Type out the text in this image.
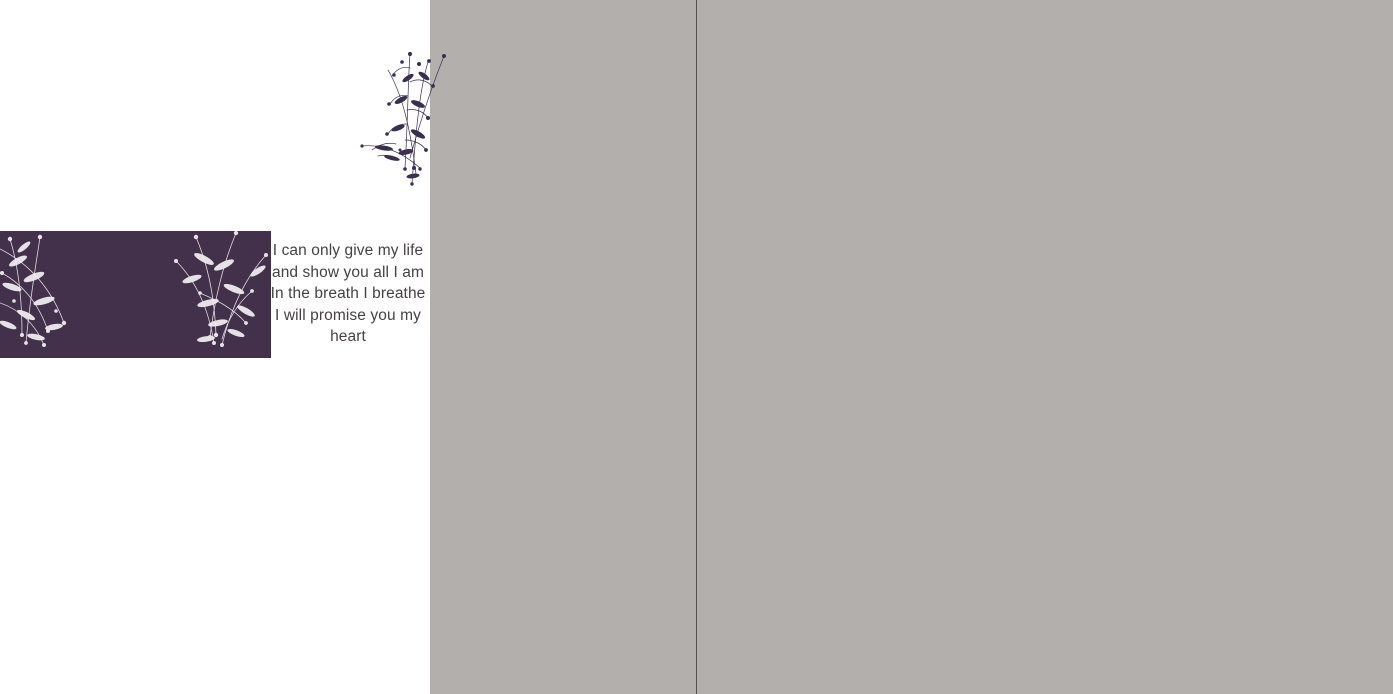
I can only give my life
and show you all I am
In the breath I breathe
I will promise you my
heart
